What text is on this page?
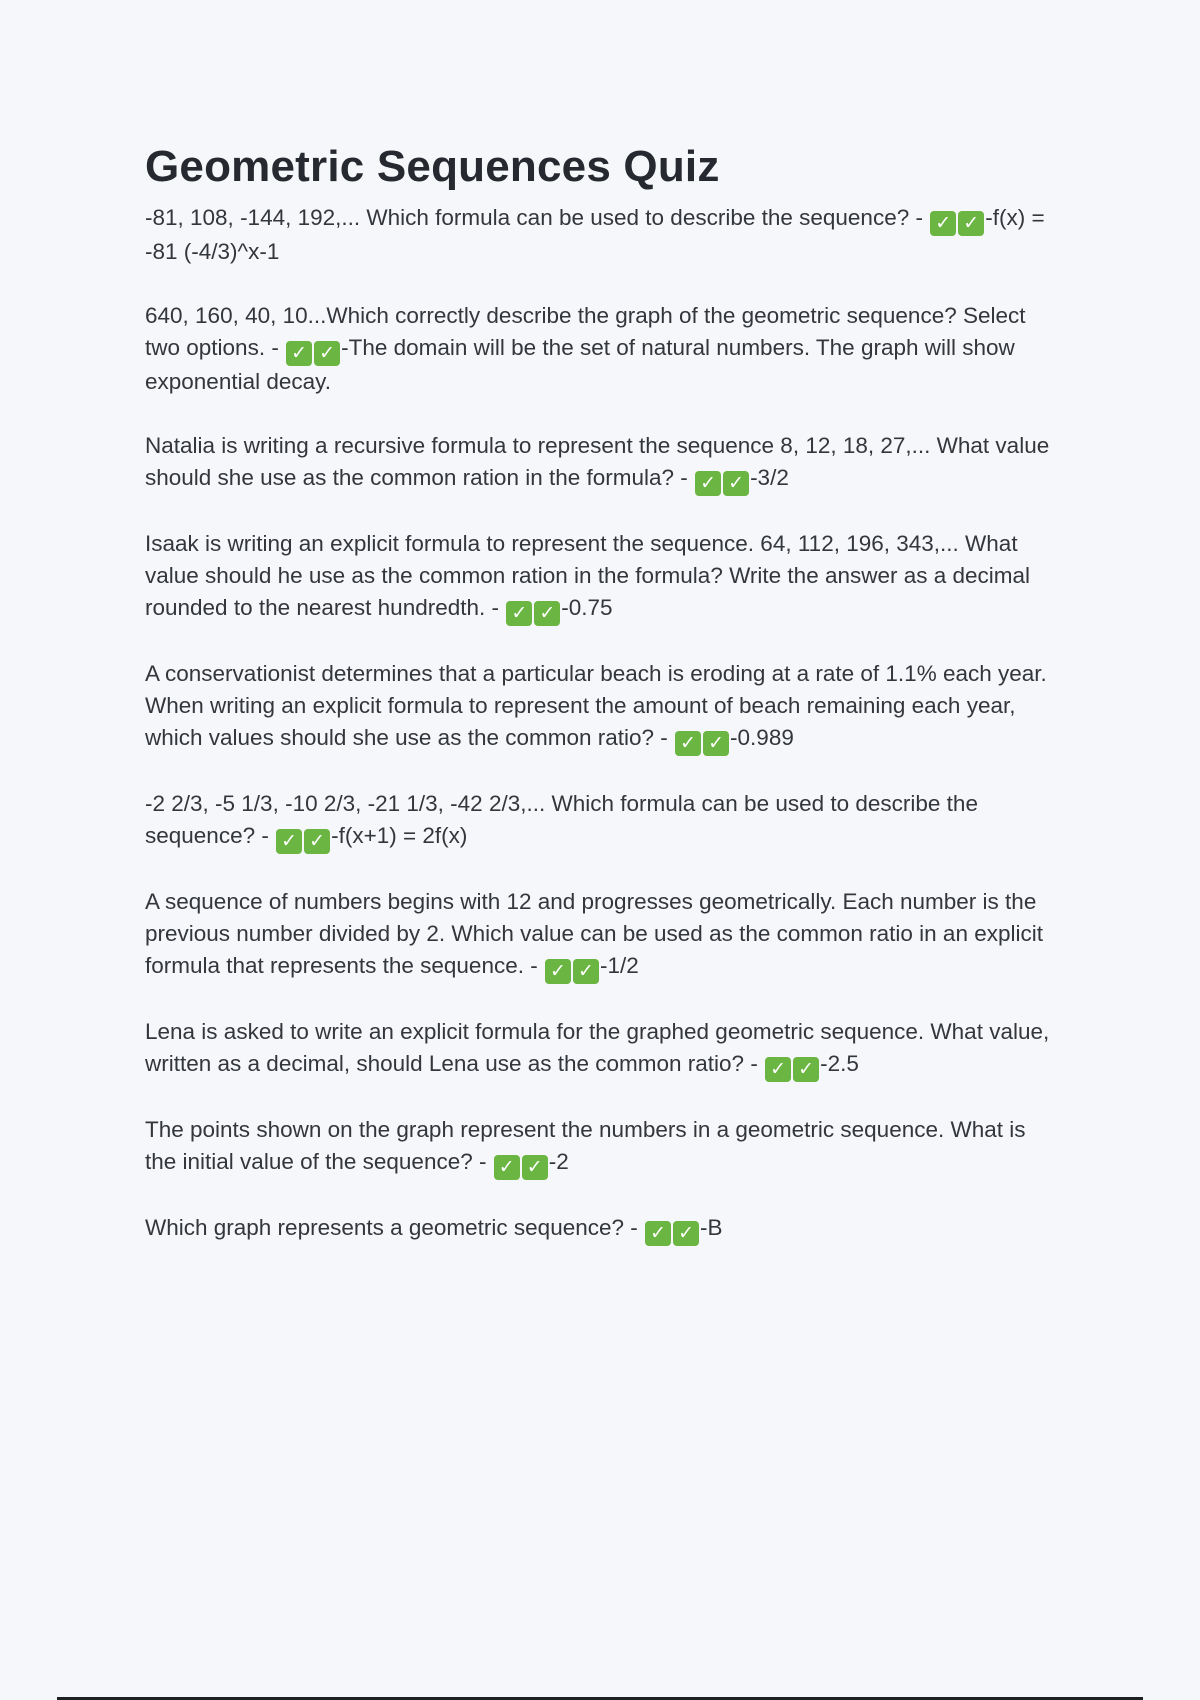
Geometric Sequences Quiz
-81, 108, -144, 192,... Which formula can be used to describe the sequence? - ✓ ✓ -f(x) = -81 (-4/3)^x-1
640, 160, 40, 10...Which correctly describe the graph of the geometric sequence? Select two options. - ✓ ✓ -The domain will be the set of natural numbers. The graph will show exponential decay.
Natalia is writing a recursive formula to represent the sequence 8, 12, 18, 27,... What value should she use as the common ration in the formula? - ✓ ✓ -3/2
Isaak is writing an explicit formula to represent the sequence. 64, 112, 196, 343,... What value should he use as the common ration in the formula? Write the answer as a decimal rounded to the nearest hundredth. - ✓ ✓ -0.75
A conservationist determines that a particular beach is eroding at a rate of 1.1% each year. When writing an explicit formula to represent the amount of beach remaining each year, which values should she use as the common ratio? - ✓ ✓ -0.989
-2 2/3, -5 1/3, -10 2/3, -21 1/3, -42 2/3,... Which formula can be used to describe the sequence? - ✓ ✓ -f(x+1) = 2f(x)
A sequence of numbers begins with 12 and progresses geometrically. Each number is the previous number divided by 2. Which value can be used as the common ratio in an explicit formula that represents the sequence. - ✓ ✓ -1/2
Lena is asked to write an explicit formula for the graphed geometric sequence. What value, written as a decimal, should Lena use as the common ratio? - ✓ ✓ -2.5
The points shown on the graph represent the numbers in a geometric sequence. What is the initial value of the sequence? - ✓ ✓ -2
Which graph represents a geometric sequence? - ✓ ✓ -B
